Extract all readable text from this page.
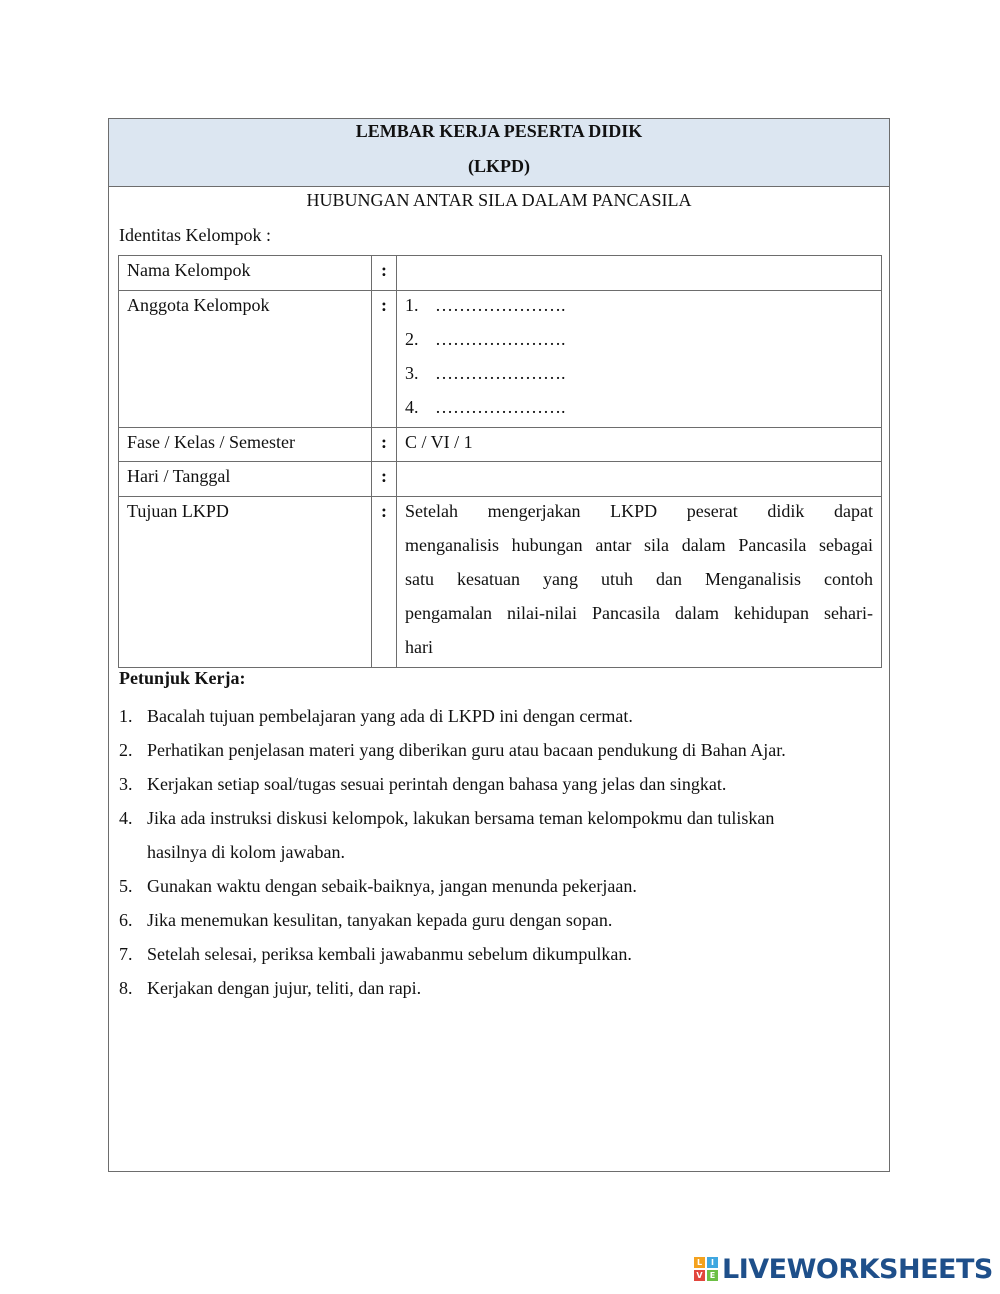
LEMBAR KERJA PESERTA DIDIK
(LKPD)
HUBUNGAN ANTAR SILA DALAM PANCASILA
Identitas Kelompok :
Nama Kelompok	:	
Anggota Kelompok	:	1. ………………….
2. ………………….
3. ………………….
4. ………………….

Fase / Kelas / Semester	:	C / VI / 1
Hari / Tanggal	:	
Tujuan LKPD	:	Setelah mengerjakan LKPD peserat didik dapat
menganalisis hubungan antar sila dalam Pancasila sebagai
satu kesatuan yang utuh dan Menganalisis contoh
pengamalan nilai-nilai Pancasila dalam kehidupan sehari-
hari
Petunjuk Kerja:
1. Bacalah tujuan pembelajaran yang ada di LKPD ini dengan cermat.
2. Perhatikan penjelasan materi yang diberikan guru atau bacaan pendukung di Bahan Ajar.
3. Kerjakan setiap soal/tugas sesuai perintah dengan bahasa yang jelas dan singkat.
4. Jika ada instruksi diskusi kelompok, lakukan bersama teman kelompokmu dan tuliskan
hasilnya di kolom jawaban.
5. Gunakan waktu dengan sebaik-baiknya, jangan menunda pekerjaan.
6. Jika menemukan kesulitan, tanyakan kepada guru dengan sopan.
7. Setelah selesai, periksa kembali jawabanmu sebelum dikumpulkan.
8. Kerjakan dengan jujur, teliti, dan rapi.
L	I
V E LIVEWORKSHEETS
